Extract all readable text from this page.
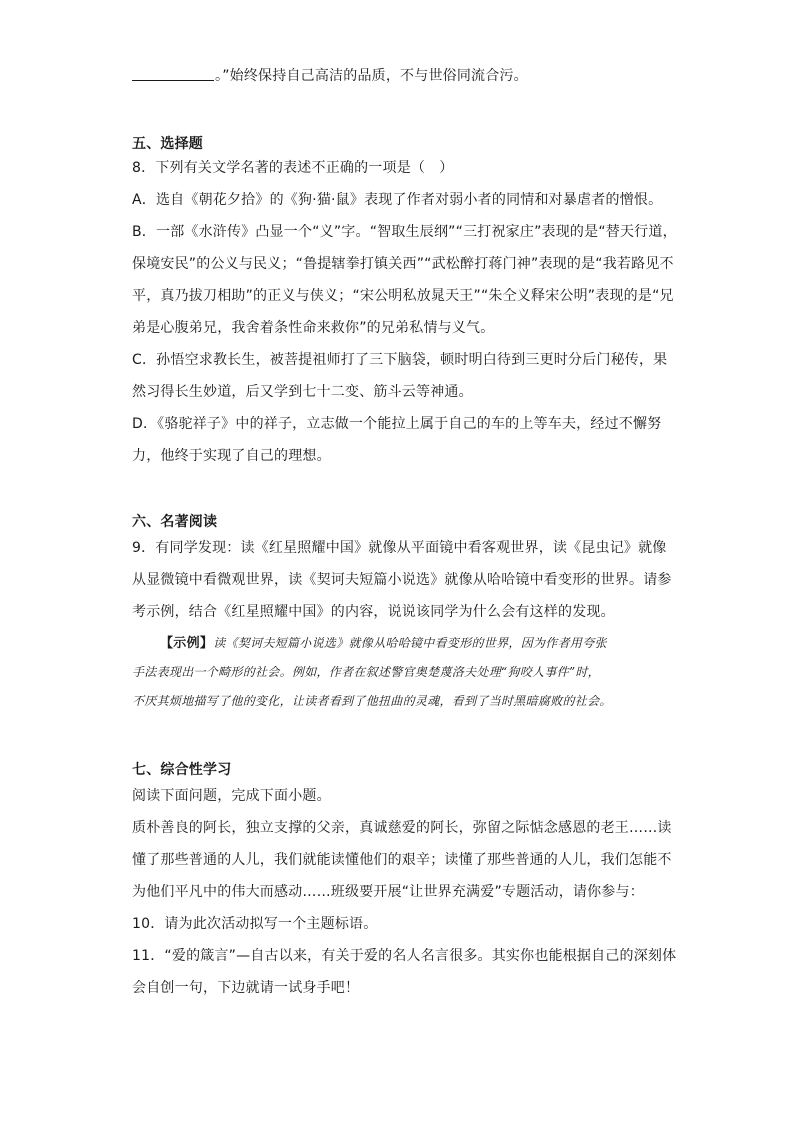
。”始终保持自己高洁的品质，不与世俗同流合污。
五、选择题
8．下列有关文学名著的表述不正确的一项是（　）
A．选自《朝花夕拾》的《狗·猫·鼠》表现了作者对弱小者的同情和对暴虐者的憎恨。
B．一部《水浒传》凸显一个“义”字。“智取生辰纲”“三打祝家庄”表现的是“替天行道，
保境安民”的公义与民义；“鲁提辖拳打镇关西”“武松醉打蒋门神”表现的是“我若路见不
平，真乃拔刀相助”的正义与侠义；“宋公明私放晁天王”“朱仝义释宋公明”表现的是“兄
弟是心腹弟兄，我舍着条性命来救你”的兄弟私情与义气。
C．孙悟空求教长生，被菩提祖师打了三下脑袋，顿时明白待到三更时分后门秘传，果
然习得长生妙道，后又学到七十二变、筋斗云等神通。
D．《骆驼祥子》中的祥子，立志做一个能拉上属于自己的车的上等车夫，经过不懈努
力，他终于实现了自己的理想。
六、名著阅读
9．有同学发现：读《红星照耀中国》就像从平面镜中看客观世界，读《昆虫记》就像
从显微镜中看微观世界，读《契诃夫短篇小说选》就像从哈哈镜中看变形的世界。请参
考示例，结合《红星照耀中国》的内容，说说该同学为什么会有这样的发现。
【示例】读《契诃夫短篇小说选》就像从哈哈镜中看变形的世界，因为作者用夸张
手法表现出一个畸形的社会。例如，作者在叙述警官奥楚蔑洛夫处理“狗咬人事件”时，
不厌其烦地描写了他的变化，让读者看到了他扭曲的灵魂，看到了当时黑暗腐败的社会。
七、综合性学习
阅读下面问题，完成下面小题。
质朴善良的阿长，独立支撑的父亲，真诚慈爱的阿长，弥留之际惦念感恩的老王……读
懂了那些普通的人儿，我们就能读懂他们的艰辛；读懂了那些普通的人儿，我们怎能不
为他们平凡中的伟大而感动……班级要开展“让世界充满爱”专题活动，请你参与：
10．请为此次活动拟写一个主题标语。
11．“爱的箴言”—自古以来，有关于爱的名人名言很多。其实你也能根据自己的深刻体
会自创一句，下边就请一试身手吧！
